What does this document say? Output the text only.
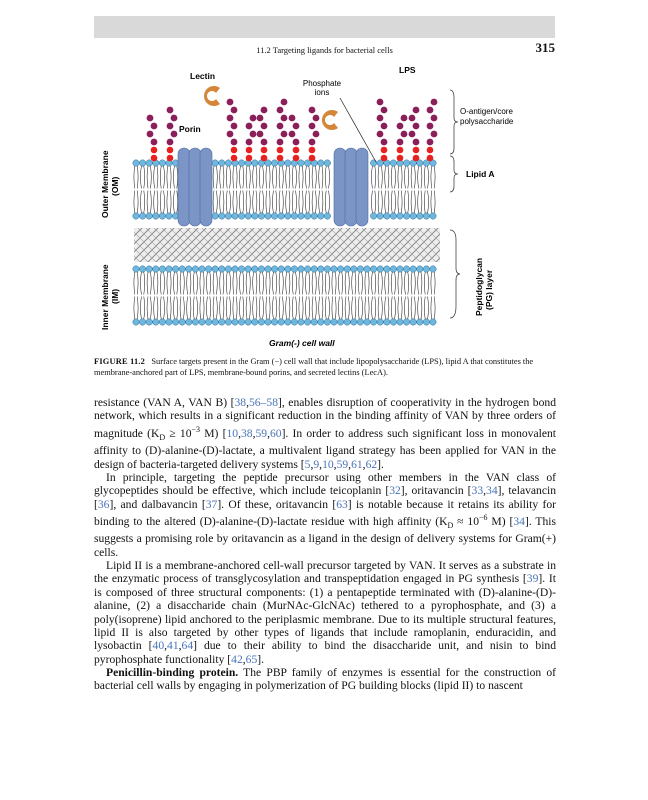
11.2 Targeting ligands for bacterial cells	315
Lectin
LPS
Phosphate ions
Porin
O-antigen/core polysaccharide
Lipid A
Peptidoglycan(PG) layer
Outer Membrane(OM)
Inner Membrane(IM)
Gram(-) cell wall
FIGURE 11.2 Surface targets present in the Gram (−) cell wall that include lipopolysaccharide (LPS), lipid A that constitutes the membrane-anchored part of LPS, membrane-bound porins, and secreted lectins (LecA).

resistance (VAN A, VAN B) [38,56–58], enables disruption of cooperativity in the hydrogen bond network, which results in a significant reduction in the binding affinity of VAN by three orders of magnitude ($K_D \ge 10^{-3}$ M) [10,38,59,60]. In order to address such significant loss in monovalent affinity to (D)-alanine-(D)-lactate, a multivalent ligand strategy has been applied for VAN in the design of bacteria-targeted delivery systems [5,9,10,59,61,62].

In principle, targeting the peptide precursor using other members in the VAN class of glycopeptides should be effective, which include teicoplanin [32], oritavancin [33,34], telavancin [36], and dalbavancin [37]. Of these, oritavancin [63] is notable because it retains its ability for binding to the altered (D)-alanine-(D)-lactate residue with high affinity ($K_D \approx 10^{-6}$ M) [34]. This suggests a promising role by oritavancin as a ligand in the design of delivery systems for Gram(+) cells.

Lipid II is a membrane-anchored cell-wall precursor targeted by VAN. It serves as a substrate in the enzymatic process of transglycosylation and transpeptidation engaged in PG synthesis [39]. It is composed of three structural components: (1) a pentapeptide terminated with (D)-alanine-(D)-alanine, (2) a disaccharide chain (MurNAc-GlcNAc) tethered to a pyrophosphate, and (3) a poly(isoprene) lipid anchored to the periplasmic membrane. Due to its multiple structural features, lipid II is also targeted by other types of ligands that include ramoplanin, enduracidin, and lysobactin [40,41,64] due to their ability to bind the disaccharide unit, and nisin to bind pyrophosphate functionality [42,65].

Penicillin-binding protein. The PBP family of enzymes is essential for the construction of bacterial cell walls by engaging in polymerization of PG building blocks (lipid II) to nascent
